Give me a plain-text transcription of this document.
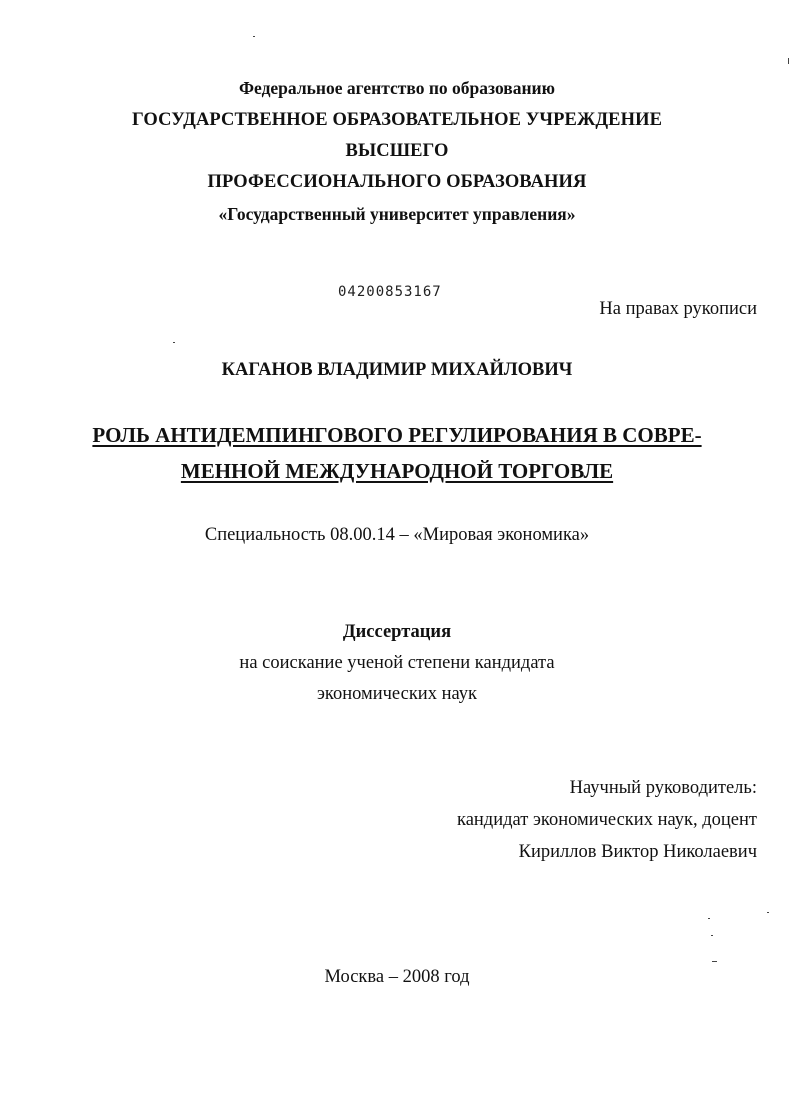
Федеральное агентство по образованию
ГОСУДАРСТВЕННОЕ ОБРАЗОВАТЕЛЬНОЕ УЧРЕЖДЕНИЕ
ВЫСШЕГО
ПРОФЕССИОНАЛЬНОГО ОБРАЗОВАНИЯ
«Государственный университет управления»
04200853167
На правах рукописи
КАГАНОВ ВЛАДИМИР МИХАЙЛОВИЧ
РОЛЬ АНТИДЕМПИНГОВОГО РЕГУЛИРОВАНИЯ В СОВРЕ-
МЕННОЙ МЕЖДУНАРОДНОЙ ТОРГОВЛЕ
Специальность 08.00.14 – «Мировая экономика»
Диссертация
на соискание ученой степени кандидата
экономических наук
Научный руководитель:
кандидат экономических наук, доцент
Кириллов Виктор Николаевич
Москва – 2008 год
